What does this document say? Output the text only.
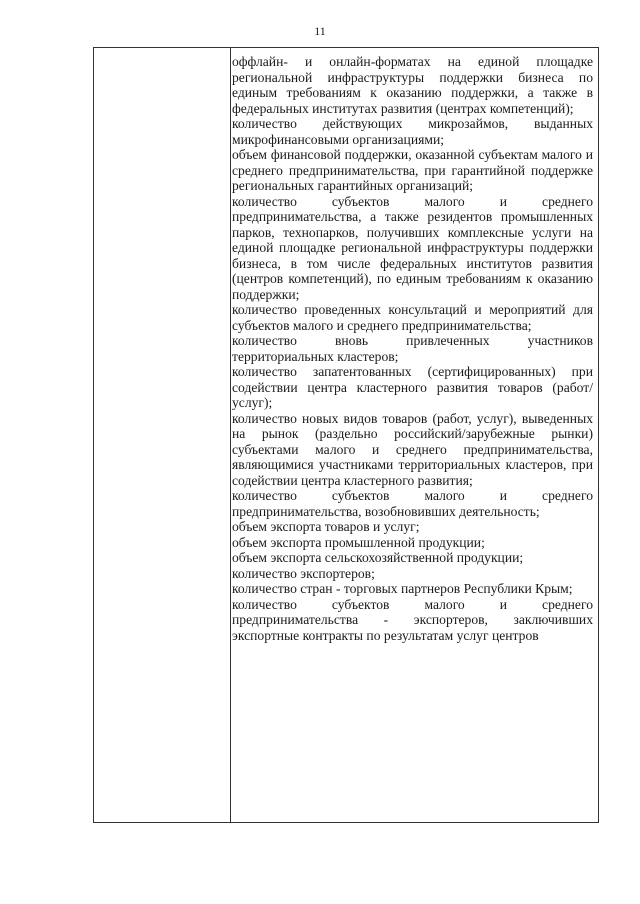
11

оффлайн- и онлайн-форматах на единой площадке региональной инфраструктуры поддержки бизнеса по единым требованиям к оказанию поддержки, а также в федеральных институтах развития (центрах компетенций);

количество действующих микрозаймов, выданных микрофинансовыми организациями;

объем финансовой поддержки, оказанной субъектам малого и среднего предпринимательства, при гарантийной поддержке региональных гарантийных организаций;

количество субъектов малого и среднего предпринимательства, а также резидентов промышленных парков, технопарков, получивших комплексные услуги на единой площадке региональной инфраструктуры поддержки бизнеса, в том числе федеральных институтов развития (центров компетенций), по единым требованиям к оказанию поддержки;

количество проведенных консультаций и мероприятий для субъектов малого и среднего предпринимательства;

количество вновь привлеченных участников территориальных кластеров;

количество запатентованных (сертифицированных) при содействии центра кластерного развития товаров (работ/услуг);

количество новых видов товаров (работ, услуг), выведенных на рынок (раздельно российский/зарубежные рынки) субъектами малого и среднего предпринимательства, являющимися участниками территориальных кластеров, при содействии центра кластерного развития;

количество субъектов малого и среднего предпринимательства, возобновивших деятельность;

объем экспорта товаров и услуг;

объем экспорта промышленной продукции;

объем экспорта сельскохозяйственной продукции;

количество экспортеров;

количество стран - торговых партнеров Республики Крым;

количество субъектов малого и среднего предпринимательства - экспортеров, заключивших экспортные контракты по результатам услуг центров
